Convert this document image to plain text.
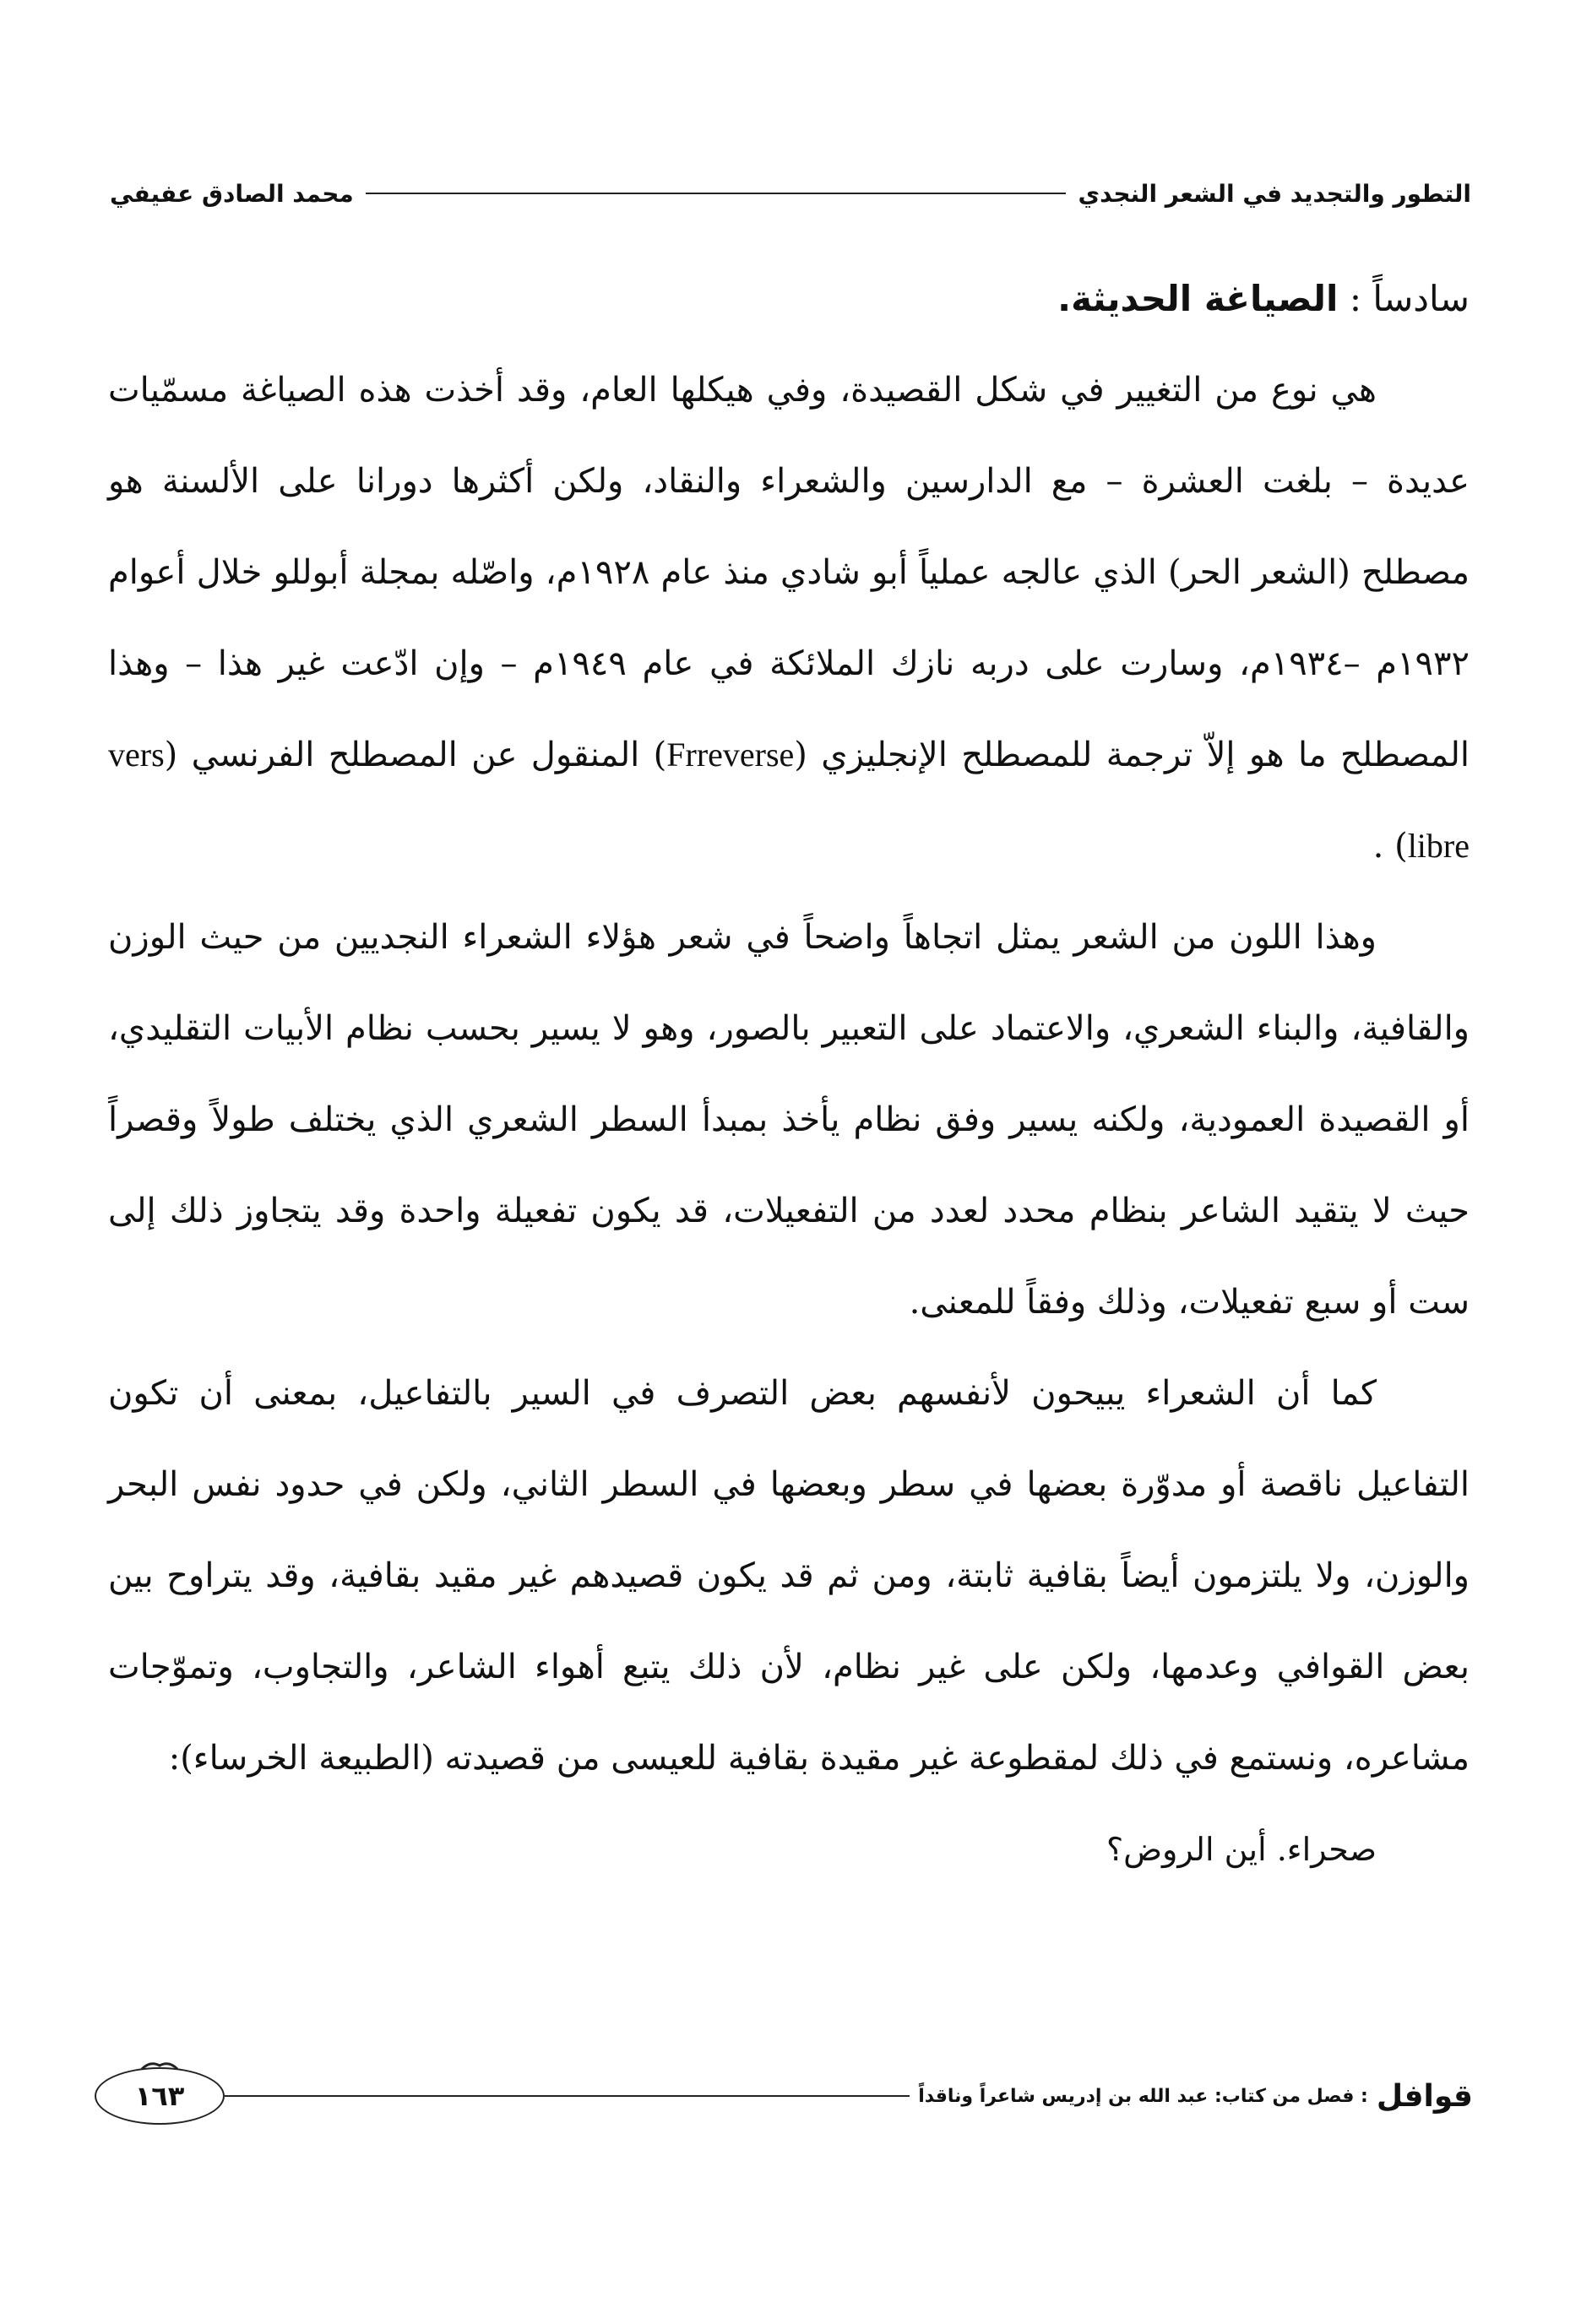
التطور والتجديد في الشعر النجدي
محمد الصادق عفيفي
سادساً : الصياغة الحديثة.

هي نوع من التغيير في شكل القصيدة، وفي هيكلها العام، وقد أخذت هذه الصياغة مسمّيات عديدة – بلغت العشرة – مع الدارسين والشعراء والنقاد، ولكن أكثرها دورانا على الألسنة هو مصطلح (الشعر الحر) الذي عالجه عملياً أبو شادي منذ عام ١٩٢٨م، واصّله بمجلة أبوللو خلال أعوام ١٩٣٢م –١٩٣٤م، وسارت على دربه نازك الملائكة في عام ١٩٤٩م – وإن ادّعت غير هذا – وهذا المصطلح ما هو إلاّ ترجمة للمصطلح الإنجليزي (Frreverse) المنقول عن المصطلح الفرنسي (vers libre) .

وهذا اللون من الشعر يمثل اتجاهاً واضحاً في شعر هؤلاء الشعراء النجديين من حيث الوزن والقافية، والبناء الشعري، والاعتماد على التعبير بالصور، وهو لا يسير بحسب نظام الأبيات التقليدي، أو القصيدة العمودية، ولكنه يسير وفق نظام يأخذ بمبدأ السطر الشعري الذي يختلف طولاً وقصراً حيث لا يتقيد الشاعر بنظام محدد لعدد من التفعيلات، قد يكون تفعيلة واحدة وقد يتجاوز ذلك إلى ست أو سبع تفعيلات، وذلك وفقاً للمعنى.

كما أن الشعراء يبيحون لأنفسهم بعض التصرف في السير بالتفاعيل، بمعنى أن تكون التفاعيل ناقصة أو مدوّرة بعضها في سطر وبعضها في السطر الثاني، ولكن في حدود نفس البحر والوزن، ولا يلتزمون أيضاً بقافية ثابتة، ومن ثم قد يكون قصيدهم غير مقيد بقافية، وقد يتراوح بين بعض القوافي وعدمها، ولكن على غير نظام، لأن ذلك يتبع أهواء الشاعر، والتجاوب، وتموّجات مشاعره، ونستمع في ذلك لمقطوعة غير مقيدة بقافية للعيسى من قصيدته (الطبيعة الخرساء):

صحراء. أين الروض؟

قوافل
: فصل من كتاب: عبد الله بن إدريس شاعراً وناقداً
١٦٣
